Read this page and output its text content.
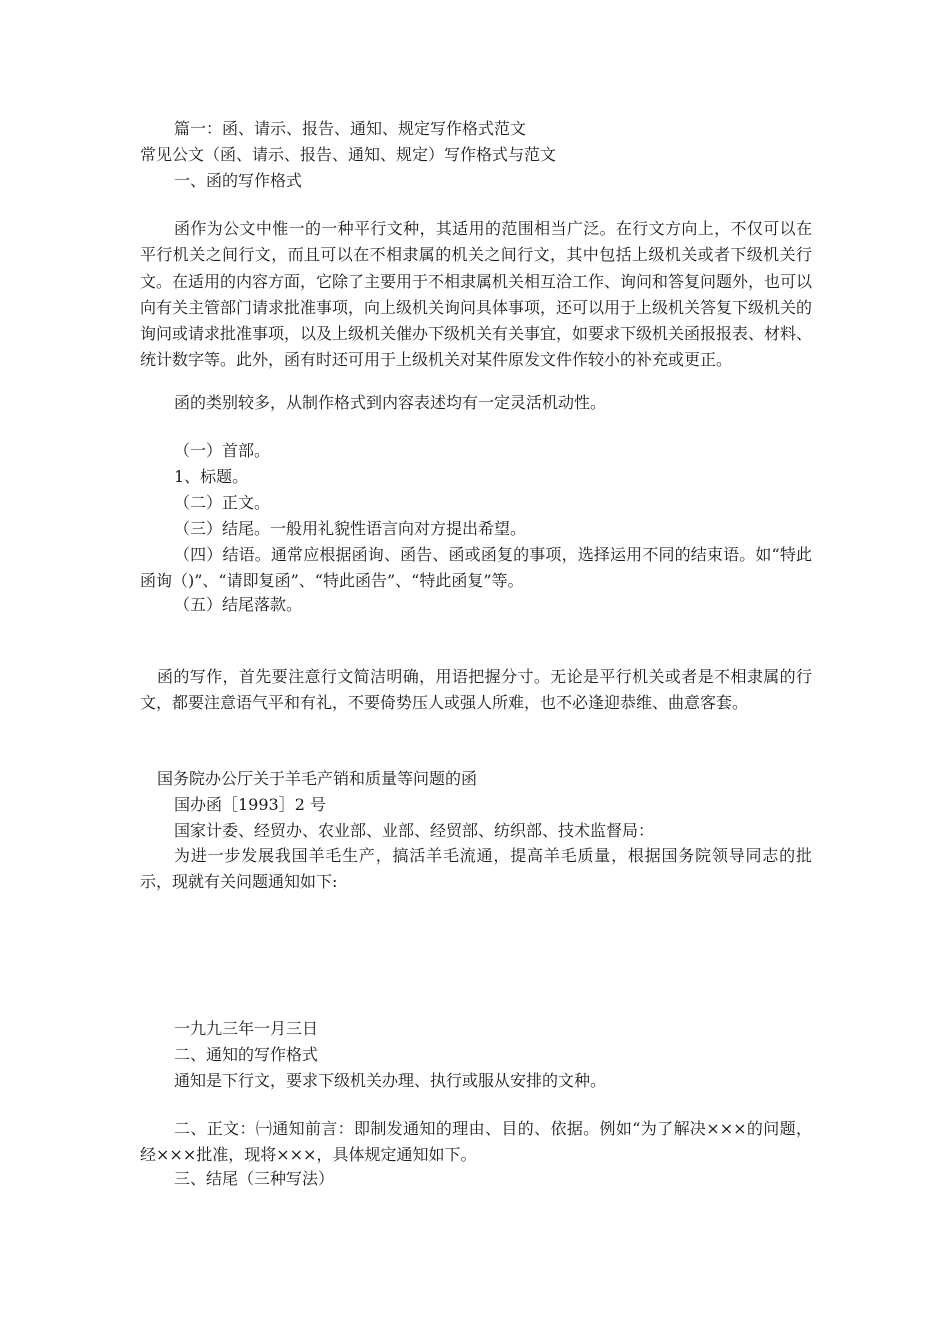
篇一：函、请示、报告、通知、规定写作格式范文

常见公文（函、请示、报告、通知、规定）写作格式与范文

一、函的写作格式

函作为公文中惟一的一种平行文种，其适用的范围相当广泛。在行文方向上，不仅可以在平行机关之间行文，而且可以在不相隶属的机关之间行文，其中包括上级机关或者下级机关行文。在适用的内容方面，它除了主要用于不相隶属机关相互洽工作、询问和答复问题外，也可以向有关主管部门请求批准事项，向上级机关询问具体事项，还可以用于上级机关答复下级机关的询问或请求批准事项，以及上级机关催办下级机关有关事宜，如要求下级机关函报报表、材料、统计数字等。此外，函有时还可用于上级机关对某件原发文件作较小的补充或更正。

函的类别较多，从制作格式到内容表述均有一定灵活机动性。

（一）首部。

1、标题。

（二）正文。

（三）结尾。一般用礼貌性语言向对方提出希望。

（四）结语。通常应根据函询、函告、函或函复的事项，选择运用不同的结束语。如“特此函询（)”、“请即复函”、“特此函告”、“特此函复”等。

（五）结尾落款。

函的写作，首先要注意行文简洁明确，用语把握分寸。无论是平行机关或者是不相隶属的行文，都要注意语气平和有礼，不要倚势压人或强人所难，也不必逢迎恭维、曲意客套。

国务院办公厅关于羊毛产销和质量等问题的函

国办函［1993］2 号

国家计委、经贸办、农业部、业部、经贸部、纺织部、技术监督局：

为进一步发展我国羊毛生产，搞活羊毛流通，提高羊毛质量，根据国务院领导同志的批示，现就有关问题通知如下:

一九九三年一月三日

二、通知的写作格式

通知是下行文，要求下级机关办理、执行或服从安排的文种。

二、正文：㈠通知前言：即制发通知的理由、目的、依据。例如“为了解决×××的问题，经×××批准，现将×××，具体规定通知如下。

三、结尾（三种写法）
